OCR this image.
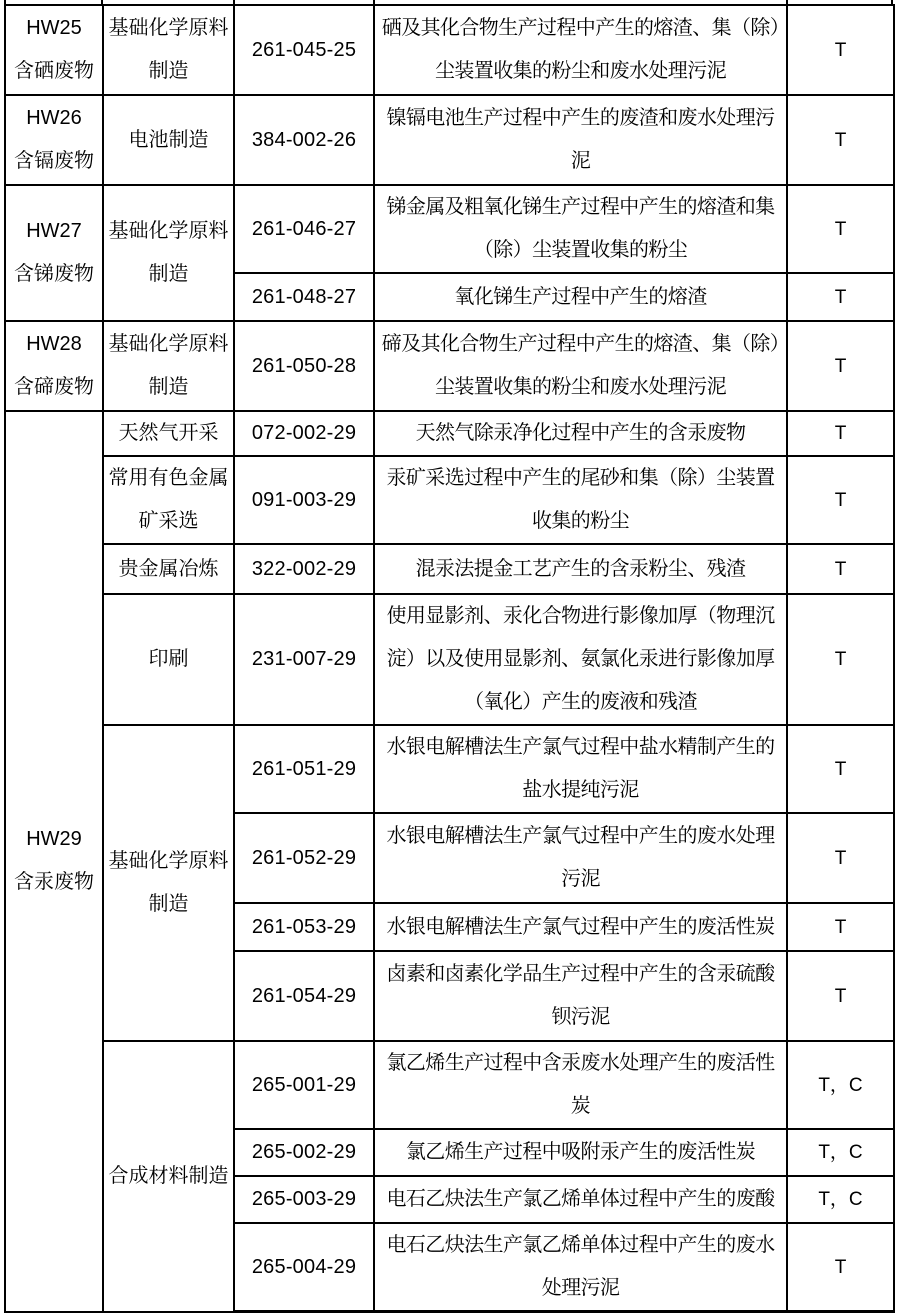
HW25
含硒废物	基础化学原料制造	261-045-25	硒及其化合物生产过程中产生的熔渣、集（除）尘装置收集的粉尘和废水处理污泥	T

HW26
含镉废物	电池制造	384-002-26	镍镉电池生产过程中产生的废渣和废水处理污泥	T

HW27
含锑废物	基础化学原料制造	261-046-27	锑金属及粗氧化锑生产过程中产生的熔渣和集（除）尘装置收集的粉尘	T
		261-048-27	氧化锑生产过程中产生的熔渣	T

HW28
含碲废物	基础化学原料制造	261-050-28	碲及其化合物生产过程中产生的熔渣、集（除）尘装置收集的粉尘和废水处理污泥	T

HW29
含汞废物	天然气开采	072-002-29	天然气除汞净化过程中产生的含汞废物	T
	常用有色金属矿采选	091-003-29	汞矿采选过程中产生的尾砂和集（除）尘装置收集的粉尘	T
	贵金属冶炼	322-002-29	混汞法提金工艺产生的含汞粉尘、残渣	T
	印刷	231-007-29	使用显影剂、汞化合物进行影像加厚（物理沉淀）以及使用显影剂、氨氯化汞进行影像加厚（氧化）产生的废液和残渣	T
	基础化学原料制造	261-051-29	水银电解槽法生产氯气过程中盐水精制产生的盐水提纯污泥	T
		261-052-29	水银电解槽法生产氯气过程中产生的废水处理污泥	T
		261-053-29	水银电解槽法生产氯气过程中产生的废活性炭	T
		261-054-29	卤素和卤素化学品生产过程中产生的含汞硫酸钡污泥	T
	合成材料制造	265-001-29	氯乙烯生产过程中含汞废水处理产生的废活性炭	T，C
		265-002-29	氯乙烯生产过程中吸附汞产生的废活性炭	T，C
		265-003-29	电石乙炔法生产氯乙烯单体过程中产生的废酸	T，C
		265-004-29	电石乙炔法生产氯乙烯单体过程中产生的废水处理污泥	T
